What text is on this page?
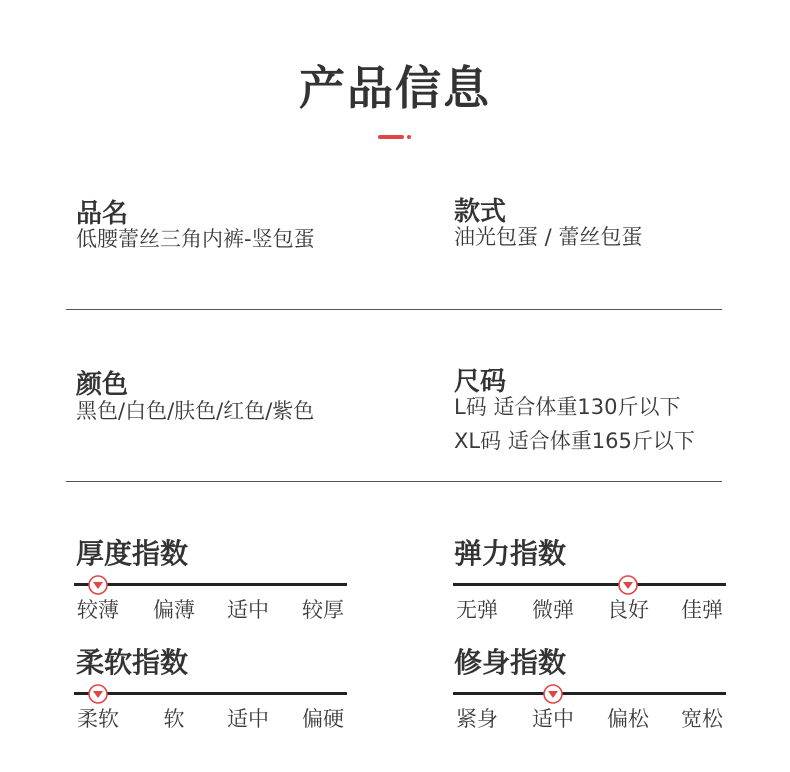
产品信息
品名
低腰蕾丝三角内裤-竖包蛋
款式
油光包蛋 / 蕾丝包蛋
颜色
黑色/白色/肤色/红色/紫色
尺码
L码 适合体重130斤以下
XL码 适合体重165斤以下
厚度指数
较薄	偏薄	适中	较厚
弹力指数
无弹	微弹	良好	佳弹
柔软指数
柔软	软	适中	偏硬
修身指数
紧身	适中	偏松	宽松
